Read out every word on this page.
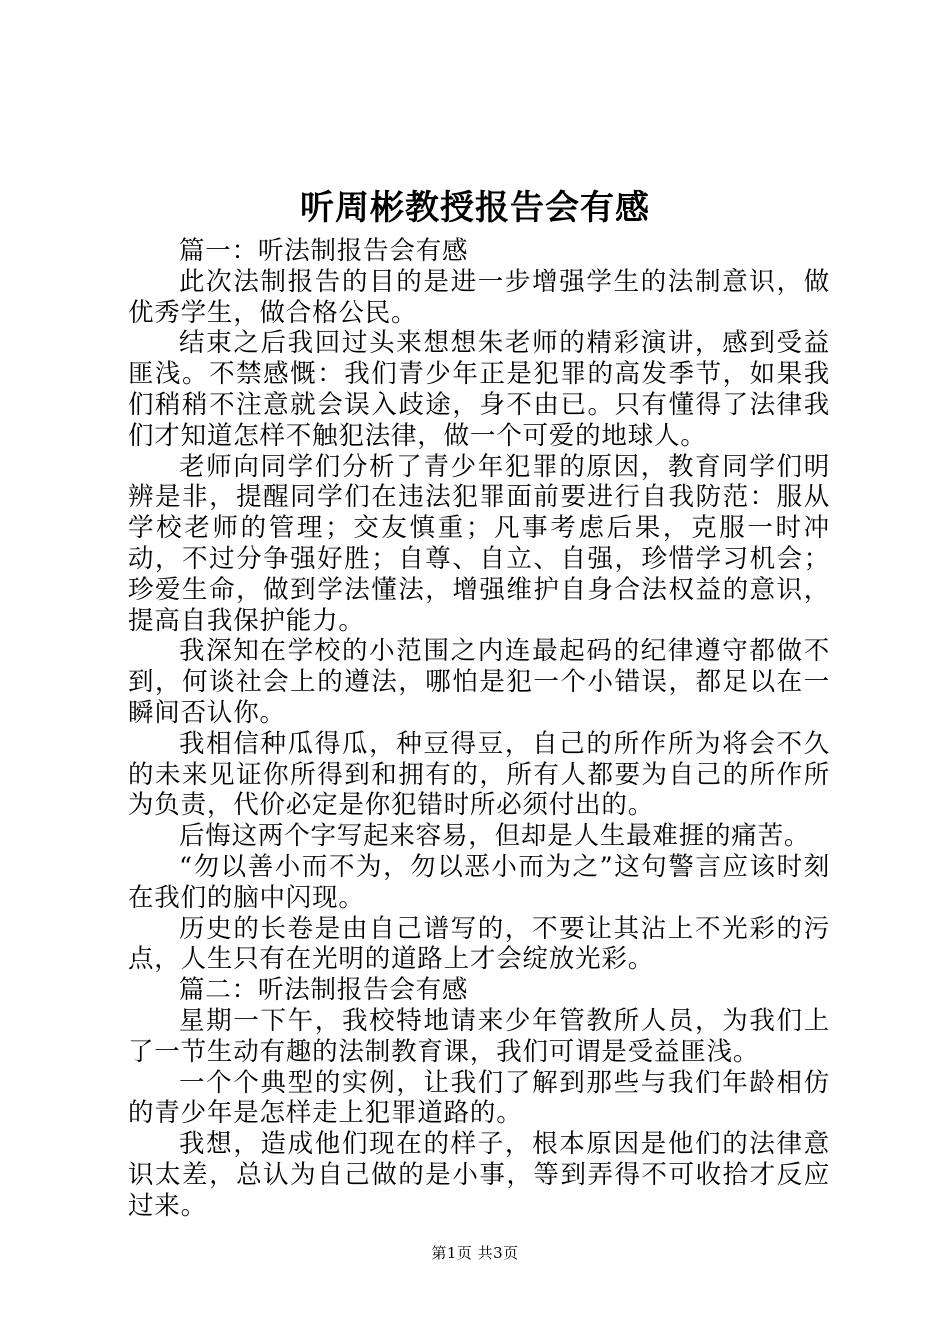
听周彬教授报告会有感

篇一：听法制报告会有感

此次法制报告的目的是进一步增强学生的法制意识，做优秀学生，做合格公民。

结束之后我回过头来想想朱老师的精彩演讲，感到受益匪浅。不禁感慨：我们青少年正是犯罪的高发季节，如果我们稍稍不注意就会误入歧途，身不由已。只有懂得了法律我们才知道怎样不触犯法律，做一个可爱的地球人。

老师向同学们分析了青少年犯罪的原因，教育同学们明辨是非，提醒同学们在违法犯罪面前要进行自我防范：服从学校老师的管理；交友慎重；凡事考虑后果，克服一时冲动，不过分争强好胜；自尊、自立、自强，珍惜学习机会；珍爱生命，做到学法懂法，增强维护自身合法权益的意识，提高自我保护能力。

我深知在学校的小范围之内连最起码的纪律遵守都做不到，何谈社会上的遵法，哪怕是犯一个小错误，都足以在一瞬间否认你。

我相信种瓜得瓜，种豆得豆，自己的所作所为将会不久的未来见证你所得到和拥有的，所有人都要为自己的所作所为负责，代价必定是你犯错时所必须付出的。

后悔这两个字写起来容易，但却是人生最难捱的痛苦。

“勿以善小而不为，勿以恶小而为之”这句警言应该时刻在我们的脑中闪现。

历史的长卷是由自己谱写的，不要让其沾上不光彩的污点，人生只有在光明的道路上才会绽放光彩。

篇二：听法制报告会有感

星期一下午，我校特地请来少年管教所人员，为我们上了一节生动有趣的法制教育课，我们可谓是受益匪浅。

一个个典型的实例，让我们了解到那些与我们年龄相仿的青少年是怎样走上犯罪道路的。

我想，造成他们现在的样子，根本原因是他们的法律意识太差，总认为自己做的是小事，等到弄得不可收拾才反应过来。

第1页 共3页
